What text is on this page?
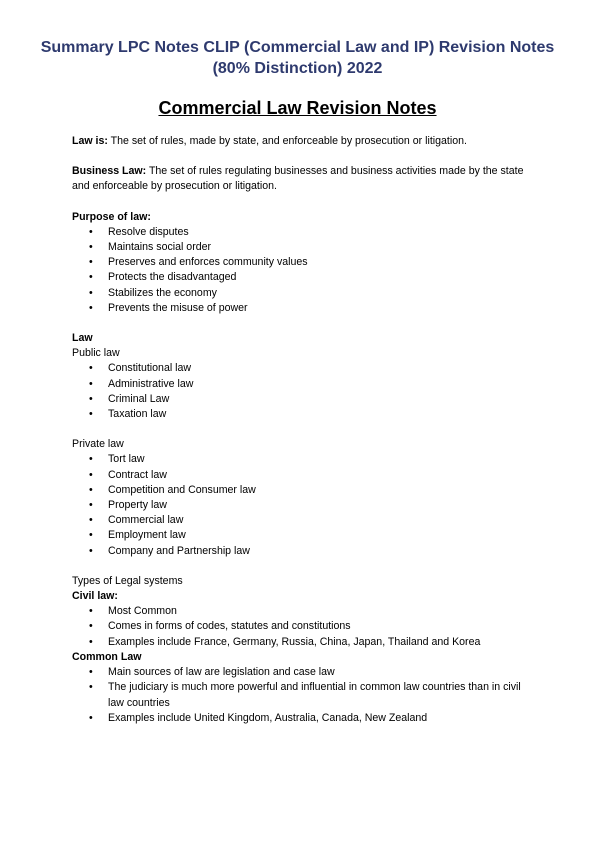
Summary LPC Notes CLIP (Commercial Law and IP) Revision Notes (80% Distinction) 2022
Commercial Law Revision Notes

Law is: The set of rules, made by state, and enforceable by prosecution or litigation.

Business Law: The set of rules regulating businesses and business activities made by the state and enforceable by prosecution or litigation.

Purpose of law:

• Resolve disputes
• Maintains social order
• Preserves and enforces community values
• Protects the disadvantaged
• Stabilizes the economy
• Prevents the misuse of power

Law

Public law

• Constitutional law
• Administrative law
• Criminal Law
• Taxation law

Private law

• Tort law
• Contract law
• Competition and Consumer law
• Property law
• Commercial law
• Employment law
• Company and Partnership law

Types of Legal systems

Civil law:

• Most Common
• Comes in forms of codes, statutes and constitutions
• Examples include France, Germany, Russia, China, Japan, Thailand and Korea

Common Law

• Main sources of law are legislation and case law
• The judiciary is much more powerful and influential in common law countries than in civil law countries
• Examples include United Kingdom, Australia, Canada, New Zealand
